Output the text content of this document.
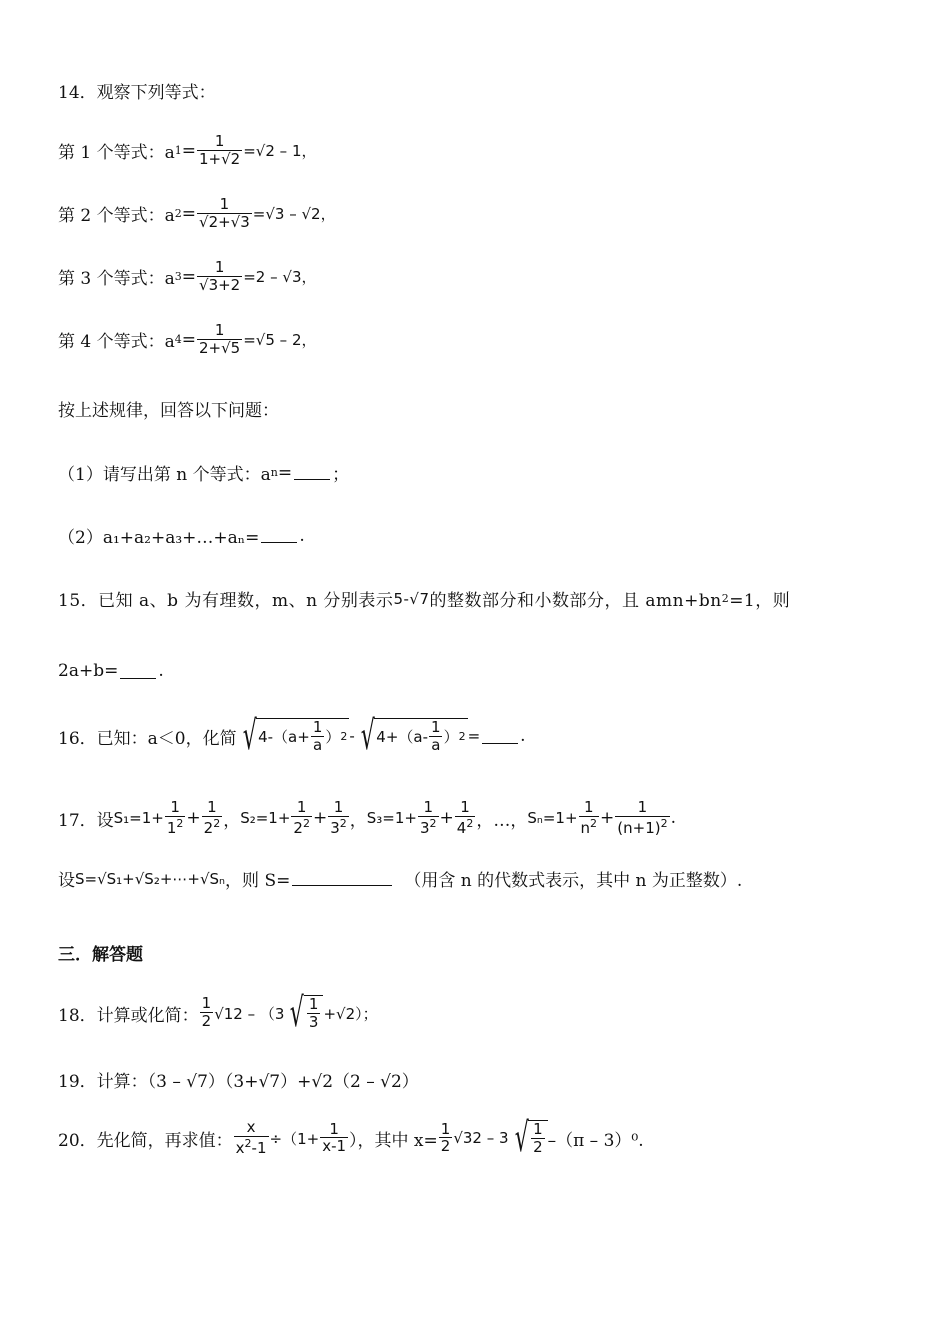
14．观察下列等式：
第 1 个等式：a $1 = \frac{1}{1+√2} =√2 - 1$，
第 2 个等式：a $2 = \frac{1}{√2+√3} =√3 - √2$，
第 3 个等式：a $3 = \frac{1}{√3+2} =2 - √3$，
第 4 个等式：a $4 = \frac{1}{2+√5} =√5 - 2$，
按上述规律，回答以下问题：
（1）请写出第 n 个等式：a n = ；
（2）a₁+a₂+a₃+…+aₙ= .
15．已知 a、b 为有理数，m、n 分别表示 5-√7 的整数部分和小数部分，且 amn+bn 2 =1，则
2a+b= .
16．已知：a＜0，化简 √ $4-(a+ \frac{1}{a}$ ） 2 - √ $4+(a- \frac{1}{a}$ ） 2 = .
17．设 $S_1=1+ \frac{1}{1^2} + \frac{1}{2^2}$ ， $S_2=1+ \frac{1}{2^2} + \frac{1}{3^2}$ ， $S_3=1+ \frac{1}{3^2} + \frac{1}{4^2}$ ， …， $S_n=1+ \frac{1}{n^2} + \frac{1}{(n+1)^2}$ .
设 S=√S₁+√S₂+⋯+√Sₙ ，则 S=	（用含 n 的代数式表示，其中 n 为正整数）.
三．解答题
18．计算或化简： $\frac{1}{2} √12 - (3$ √ $\frac{1}{3} +√2$）；
19．计算：（3 – √7）（3+√7）+√2（2 – √2）
20．先化简，再求值： $\frac{x}{x^2-1} \div(1+ \frac{1}{x-1}$ ），其中 $x= \frac{1}{2} √32 - 3$ √ $\frac{1}{2} -(\pi - 3)^0$.
